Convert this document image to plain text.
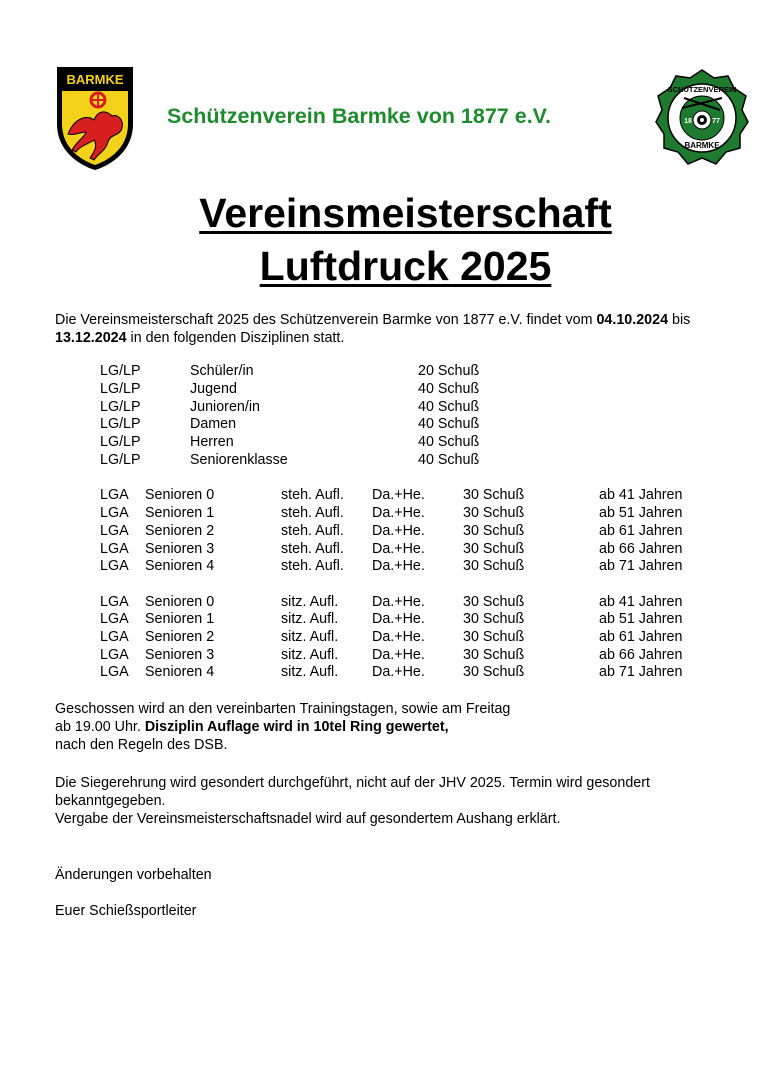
BARMKE
Schützenverein Barmke von 1877 e.V.
SCHÜTZENVEREIN
18	77
BARMKE
Vereinsmeisterschaft
Luftdruck 2025
Die Vereinsmeisterschaft 2025 des Schützenverein Barmke von 1877 e.V. findet vom 04.10.2024 bis
13.12.2024 in den folgenden Disziplinen statt.
LG/LP	Schüler/in	20 Schuß
LG/LP	Jugend	40 Schuß
LG/LP	Junioren/in	40 Schuß
LG/LP	Damen	40 Schuß
LG/LP	Herren	40 Schuß
LG/LP	Seniorenklasse	40 Schuß
LGA Senioren 0	steh. Aufl. Da.+He.	30 Schuß	ab 41 Jahren
LGA Senioren 1	steh. Aufl. Da.+He.	30 Schuß	ab 51 Jahren
LGA Senioren 2	steh. Aufl. Da.+He.	30 Schuß	ab 61 Jahren
LGA Senioren 3	steh. Aufl. Da.+He.	30 Schuß	ab 66 Jahren
LGA Senioren 4	steh. Aufl. Da.+He.	30 Schuß	ab 71 Jahren
LGA Senioren 0	sitz. Aufl. Da.+He.	30 Schuß	ab 41 Jahren
LGA Senioren 1	sitz. Aufl. Da.+He.	30 Schuß	ab 51 Jahren
LGA Senioren 2	sitz. Aufl. Da.+He.	30 Schuß	ab 61 Jahren
LGA Senioren 3	sitz. Aufl. Da.+He.	30 Schuß	ab 66 Jahren
LGA Senioren 4	sitz. Aufl. Da.+He.	30 Schuß	ab 71 Jahren
Geschossen wird an den vereinbarten Trainingstagen, sowie am Freitag
ab 19.00 Uhr. Disziplin Auflage wird in 10tel Ring gewertet,
nach den Regeln des DSB.
Die Siegerehrung wird gesondert durchgeführt, nicht auf der JHV 2025. Termin wird gesondert
bekanntgegeben.
Vergabe der Vereinsmeisterschaftsnadel wird auf gesondertem Aushang erklärt.
Änderungen vorbehalten
Euer Schießsportleiter
